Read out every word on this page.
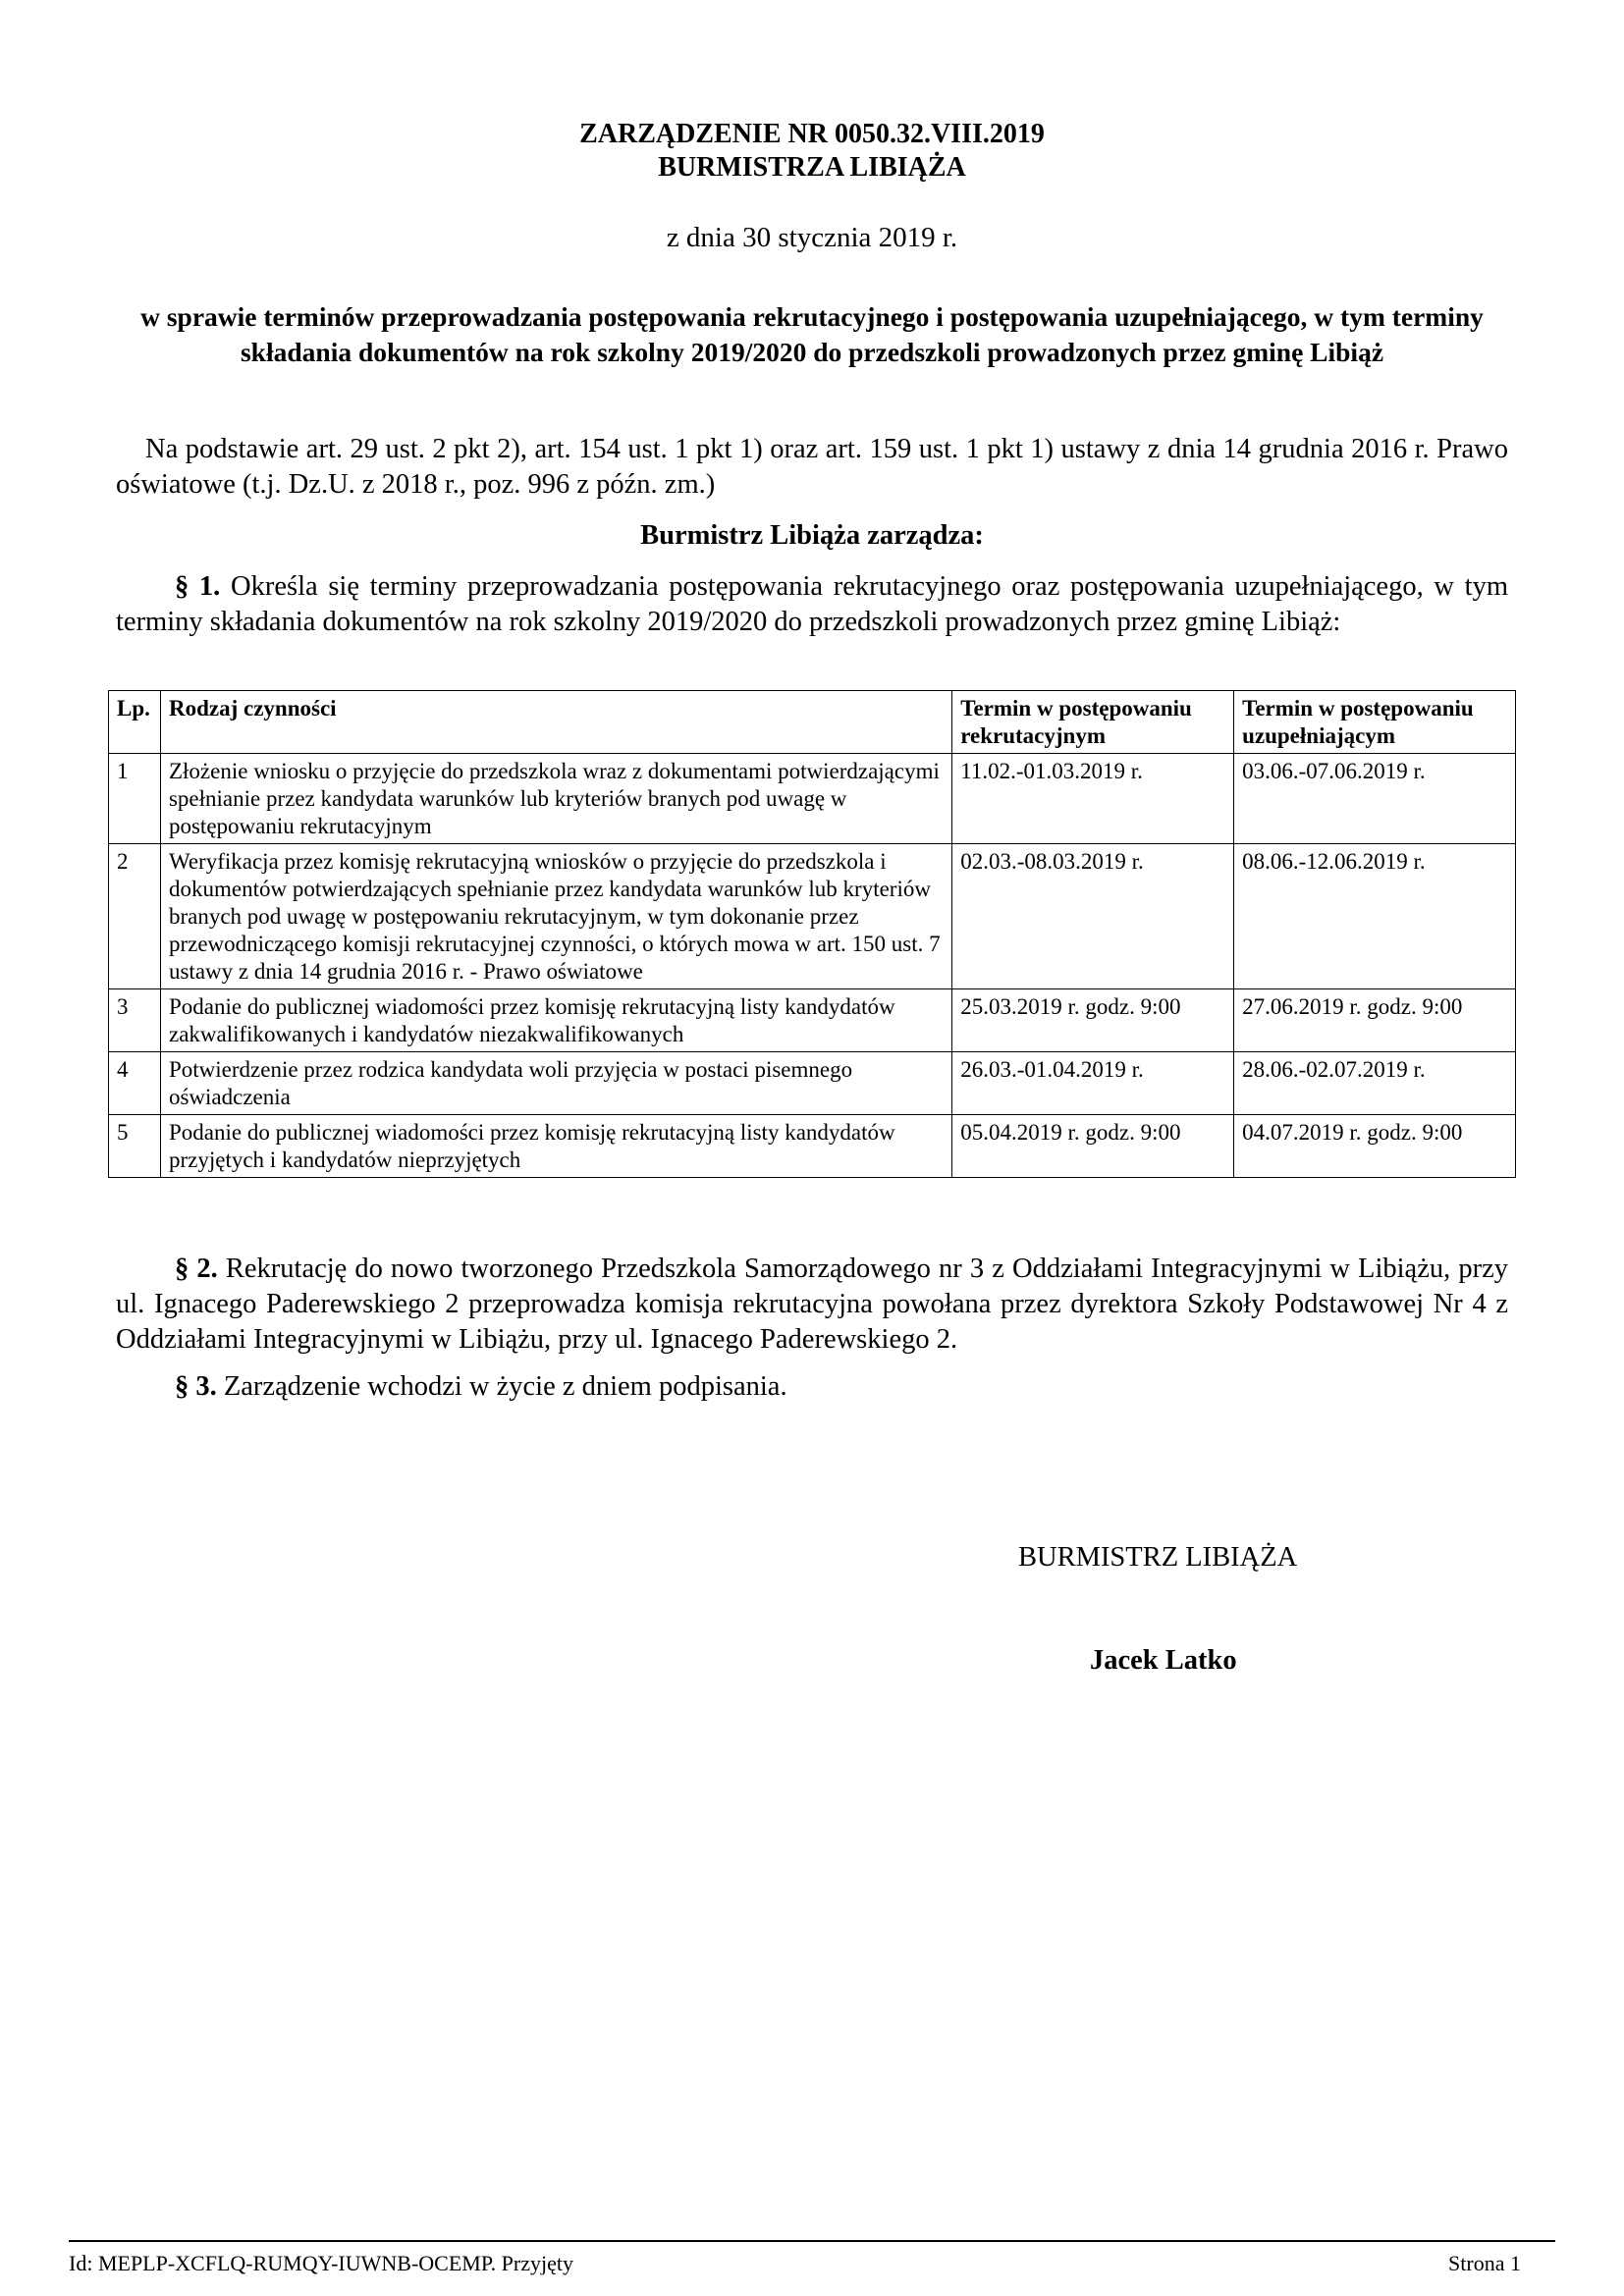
ZARZĄDZENIE NR 0050.32.VIII.2019
BURMISTRZA LIBIĄŻA
z dnia 30 stycznia 2019 r.
w sprawie terminów przeprowadzania postępowania rekrutacyjnego i postępowania uzupełniającego, w tym terminy składania dokumentów na rok szkolny 2019/2020 do przedszkoli prowadzonych przez gminę Libiąż
Na podstawie art. 29 ust. 2 pkt 2), art. 154 ust. 1 pkt 1) oraz art. 159 ust. 1 pkt 1) ustawy z dnia 14 grudnia 2016 r. Prawo oświatowe (t.j. Dz.U. z 2018 r., poz. 996 z późn. zm.)
Burmistrz Libiąża zarządza:
§ 1. Określa się terminy przeprowadzania postępowania rekrutacyjnego oraz postępowania uzupełniającego, w tym terminy składania dokumentów na rok szkolny 2019/2020 do przedszkoli prowadzonych przez gminę Libiąż:
Lp.	Rodzaj czynności	Termin w postępowaniu rekrutacyjnym	Termin w postępowaniu uzupełniającym
1	Złożenie wniosku o przyjęcie do przedszkola wraz z dokumentami potwierdzającymi spełnianie przez kandydata warunków lub kryteriów branych pod uwagę w postępowaniu rekrutacyjnym	11.02.-01.03.2019 r.	03.06.-07.06.2019 r.
2	Weryfikacja przez komisję rekrutacyjną wniosków o przyjęcie do przedszkola i dokumentów potwierdzających spełnianie przez kandydata warunków lub kryteriów branych pod uwagę w postępowaniu rekrutacyjnym, w tym dokonanie przez przewodniczącego komisji rekrutacyjnej czynności, o których mowa w art. 150 ust. 7 ustawy z dnia 14 grudnia 2016 r. - Prawo oświatowe	02.03.-08.03.2019 r.	08.06.-12.06.2019 r.
3	Podanie do publicznej wiadomości przez komisję rekrutacyjną listy kandydatów zakwalifikowanych i kandydatów niezakwalifikowanych	25.03.2019 r. godz. 9:00	27.06.2019 r. godz. 9:00
4	Potwierdzenie przez rodzica kandydata woli przyjęcia w postaci pisemnego oświadczenia	26.03.-01.04.2019 r.	28.06.-02.07.2019 r.
5	Podanie do publicznej wiadomości przez komisję rekrutacyjną listy kandydatów przyjętych i kandydatów nieprzyjętych	05.04.2019 r. godz. 9:00	04.07.2019 r. godz. 9:00
§ 2. Rekrutację do nowo tworzonego Przedszkola Samorządowego nr 3 z Oddziałami Integracyjnymi w Libiążu, przy ul. Ignacego Paderewskiego 2 przeprowadza komisja rekrutacyjna powołana przez dyrektora Szkoły Podstawowej Nr 4 z Oddziałami Integracyjnymi w Libiążu, przy ul. Ignacego Paderewskiego 2.
§ 3. Zarządzenie wchodzi w życie z dniem podpisania.
BURMISTRZ LIBIĄŻA
Jacek Latko
Id: MEPLP-XCFLQ-RUMQY-IUWNB-OCEMP. Przyjęty	Strona 1
